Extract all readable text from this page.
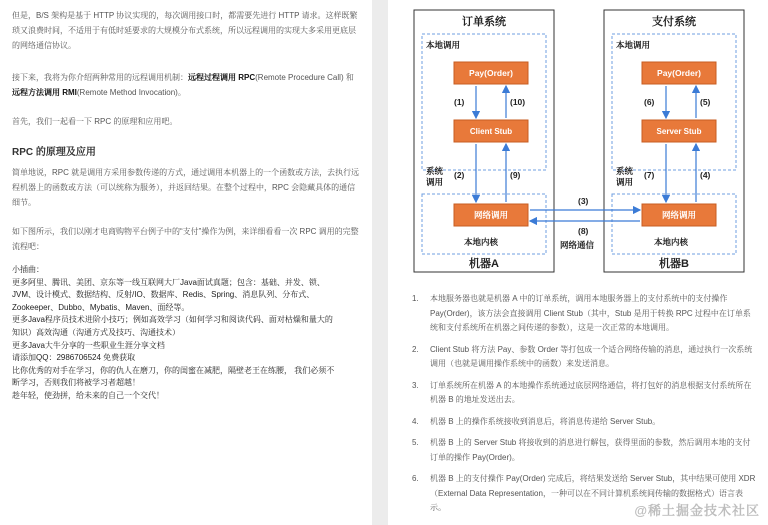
但是，B/S 架构是基于 HTTP 协议实现的，每次调用接口时，都需要先进行 HTTP 请求。这样既繁琐又浪费时间，不适用于有低时延要求的大规模分布式系统，所以远程调用的实现大多采用更底层的网络通信协议。

接下来，我将为你介绍两种常用的远程调用机制：远程过程调用 RPC(Remote Procedure Call) 和 远程方法调用 RMI(Remote Method Invocation)。

首先，我们一起看一下 RPC 的原理和应用吧。

RPC 的原理及应用

简单地说，RPC 就是调用方采用参数传递的方式，通过调用本机器上的一个函数或方法，去执行远程机器上的函数或方法（可以统称为服务），并返回结果。在整个过程中，RPC 会隐藏具体的通信细节。

如下图所示，我们以刚才电商购物平台例子中的“支付”操作为例，来详细看看一次 RPC 调用的完整流程吧：

小插曲：
更多阿里、腾讯、美团、京东等一线互联网大厂Java面试真题；包含：基础、并发、锁、
JVM、设计模式、数据结构、反射/IO、数据库、Redis、Spring、消息队列、分布式、
Zookeeper、Dubbo、Mybatis、Maven、面经等。
更多Java程序员技术进阶小技巧；例如高效学习（如何学习和阅读代码、面对枯燥和量大的
知识）高效沟通（沟通方式及技巧、沟通技术）
更多Java大牛分享的一些职业生涯分享文档
请添加QQ：2986706524 免费获取
比你优秀的对手在学习，你的仇人在磨刀，你的闺蜜在减肥，隔壁老王在练腰， 我们必须不
断学习，否则我们将被学习者超越！
趁年轻，使劲拼，给未来的自己一个交代！
订单系统
本地调用
Pay(Order)
Client Stub
网络调用
本地内核
机器A
系统
调用
(1)	(10)
(2)	(9)
支付系统
本地调用
Pay(Order)
Server Stub
网络调用
本地内核
机器B
系统
调用
(6)	(5)
(7)	(4)
(3)
(8)
网络通信
1. 本地服务器也就是机器 A 中的订单系统，调用本地服务器上的支付系统中的支付操作 Pay(Order)，该方法会直接调用 Client Stub（其中，Stub 是用于转换 RPC 过程中在订单系统和支付系统所在机器之间传递的参数），这是一次正常的本地调用。
2. Client Stub 将方法 Pay、参数 Order 等打包成一个适合网络传输的消息，通过执行一次系统调用（也就是调用操作系统中的函数）来发送消息。
3. 订单系统所在机器 A 的本地操作系统通过底层网络通信，将打包好的消息根据支付系统所在机器 B 的地址发送出去。
4. 机器 B 上的操作系统接收到消息后，将消息传递给 Server Stub。
5. 机器 B 上的 Server Stub 将接收到的消息进行解包，获得里面的参数，然后调用本地的支付订单的操作 Pay(Order)。
6. 机器 B 上的支付操作 Pay(Order) 完成后，将结果发送给 Server Stub，其中结果可使用 XDR（External Data Representation，一种可以在不同计算机系统间传输的数据格式）语言表示。	@稀土掘金技术社区
